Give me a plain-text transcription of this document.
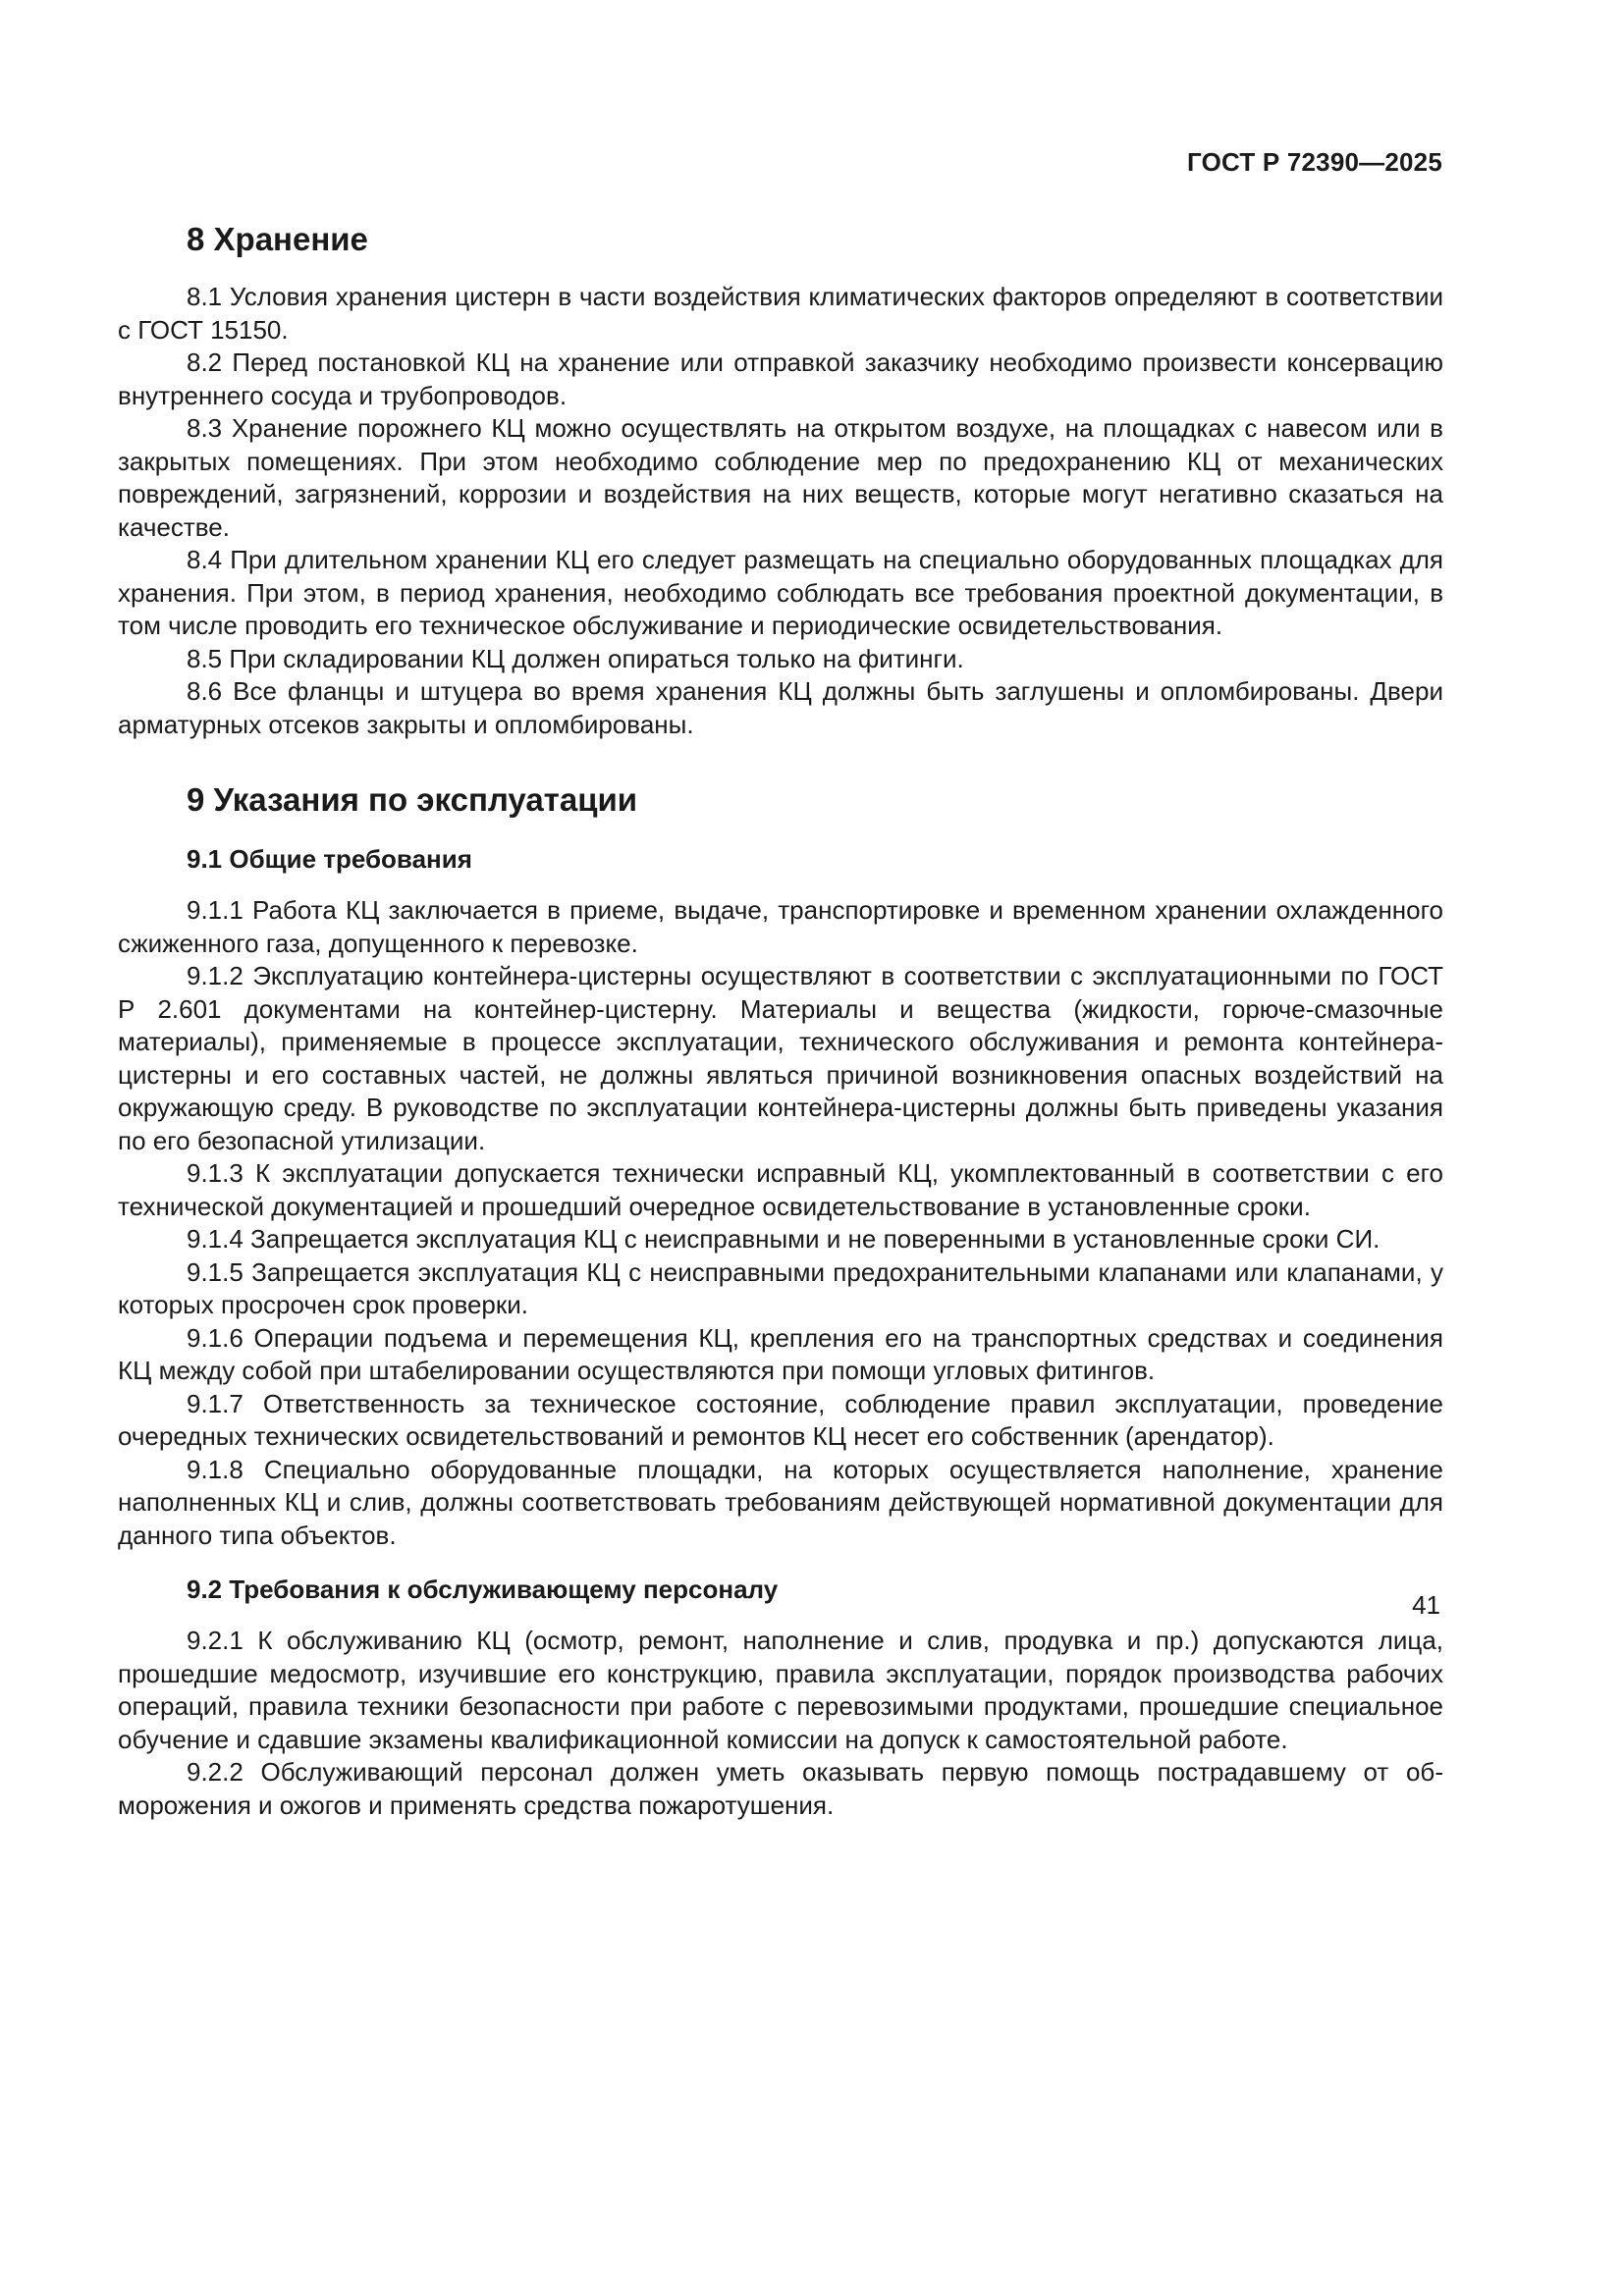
ГОСТ Р 72390—2025
8 Хранение

8.1 Условия хранения цистерн в части воздействия климатических факторов определяют в соответствии с ГОСТ 15150.

8.2 Перед постановкой КЦ на хранение или отправкой заказчику необходимо произвести консервацию внутреннего сосуда и трубопроводов.

8.3 Хранение порожнего КЦ можно осуществлять на открытом воздухе, на площадках с навесом или в закрытых помещениях. При этом необходимо соблюдение мер по предохранению КЦ от механических повреждений, загрязнений, коррозии и воздействия на них веществ, которые могут негативно сказаться на качестве.

8.4 При длительном хранении КЦ его следует размещать на специально оборудованных площадках для хранения. При этом, в период хранения, необходимо соблюдать все требования проектной документации, в том числе проводить его техническое обслуживание и периодические освидетельствования.

8.5 При складировании КЦ должен опираться только на фитинги.

8.6 Все фланцы и штуцера во время хранения КЦ должны быть заглушены и опломбированы. Двери арматурных отсеков закрыты и опломбированы.

9 Указания по эксплуатации
9.1 Общие требования

9.1.1 Работа КЦ заключается в приеме, выдаче, транспортировке и временном хранении охлажденного сжиженного газа, допущенного к перевозке.

9.1.2 Эксплуатацию контейнера-цистерны осуществляют в соответствии с эксплуатационными по ГОСТ Р 2.601 документами на контейнер-цистерну. Материалы и вещества (жидкости, горюче-смазочные материалы), применяемые в процессе эксплуатации, технического обслуживания и ремонта контейнера-цистерны и его составных частей, не должны являться причиной возникновения опасных воздействий на окружающую среду. В руководстве по эксплуатации контейнера-цистерны должны быть приведены указания по его безопасной утилизации.

9.1.3 К эксплуатации допускается технически исправный КЦ, укомплектованный в соответствии с его технической документацией и прошедший очередное освидетельствование в установленные сроки.

9.1.4 Запрещается эксплуатация КЦ с неисправными и не поверенными в установленные сроки СИ.

9.1.5 Запрещается эксплуатация КЦ с неисправными предохранительными клапанами или клапанами, у которых просрочен срок проверки.

9.1.6 Операции подъема и перемещения КЦ, крепления его на транспортных средствах и соединения КЦ между собой при штабелировании осуществляются при помощи угловых фитингов.

9.1.7 Ответственность за техническое состояние, соблюдение правил эксплуатации, проведение очередных технических освидетельствований и ремонтов КЦ несет его собственник (арендатор).

9.1.8 Специально оборудованные площадки, на которых осуществляется наполнение, хранение наполненных КЦ и слив, должны соответствовать требованиям действующей нормативной документации для данного типа объектов.

9.2 Требования к обслуживающему персоналу

9.2.1 К обслуживанию КЦ (осмотр, ремонт, наполнение и слив, продувка и пр.) допускаются лица, прошедшие медосмотр, изучившие его конструкцию, правила эксплуатации, порядок производства рабочих операций, правила техники безопасности при работе с перевозимыми продуктами, прошедшие специальное обучение и сдавшие экзамены квалификационной комиссии на допуск к самостоятельной работе.

9.2.2 Обслуживающий персонал должен уметь оказывать первую помощь пострадавшему от обморожения и ожогов и применять средства пожаротушения.

41
